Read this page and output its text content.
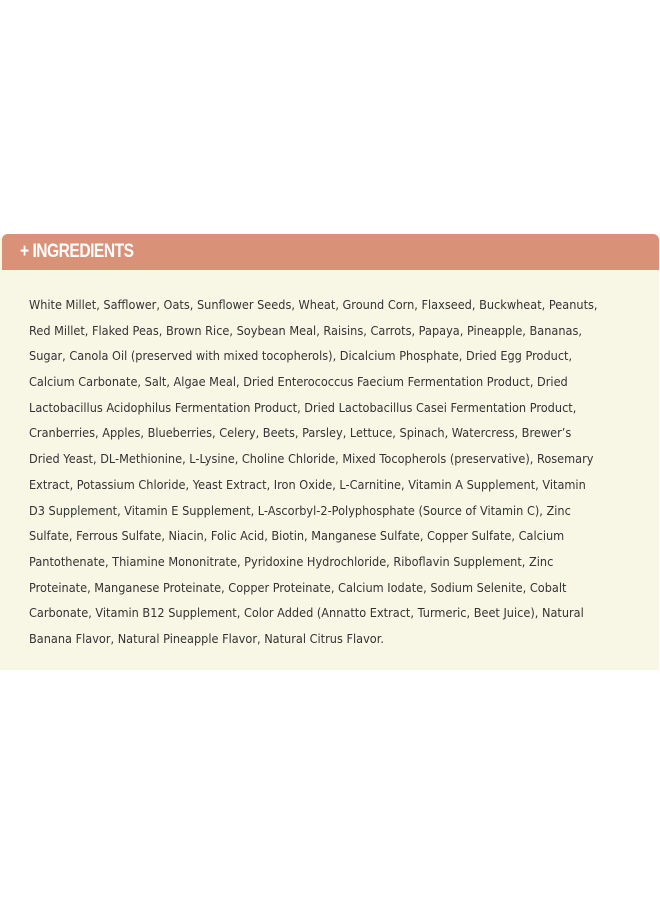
+ INGREDIENTS
White Millet, Safflower, Oats, Sunflower Seeds, Wheat, Ground Corn, Flaxseed, Buckwheat, Peanuts,
Red Millet, Flaked Peas, Brown Rice, Soybean Meal, Raisins, Carrots, Papaya, Pineapple, Bananas,
Sugar, Canola Oil (preserved with mixed tocopherols), Dicalcium Phosphate, Dried Egg Product,
Calcium Carbonate, Salt, Algae Meal, Dried Enterococcus Faecium Fermentation Product, Dried
Lactobacillus Acidophilus Fermentation Product, Dried Lactobacillus Casei Fermentation Product,
Cranberries, Apples, Blueberries, Celery, Beets, Parsley, Lettuce, Spinach, Watercress, Brewer’s
Dried Yeast, DL-Methionine, L-Lysine, Choline Chloride, Mixed Tocopherols (preservative), Rosemary
Extract, Potassium Chloride, Yeast Extract, Iron Oxide, L-Carnitine, Vitamin A Supplement, Vitamin
D3 Supplement, Vitamin E Supplement, L-Ascorbyl-2-Polyphosphate (Source of Vitamin C), Zinc
Sulfate, Ferrous Sulfate, Niacin, Folic Acid, Biotin, Manganese Sulfate, Copper Sulfate, Calcium
Pantothenate, Thiamine Mononitrate, Pyridoxine Hydrochloride, Riboflavin Supplement, Zinc
Proteinate, Manganese Proteinate, Copper Proteinate, Calcium Iodate, Sodium Selenite, Cobalt
Carbonate, Vitamin B12 Supplement, Color Added (Annatto Extract, Turmeric, Beet Juice), Natural
Banana Flavor, Natural Pineapple Flavor, Natural Citrus Flavor.
